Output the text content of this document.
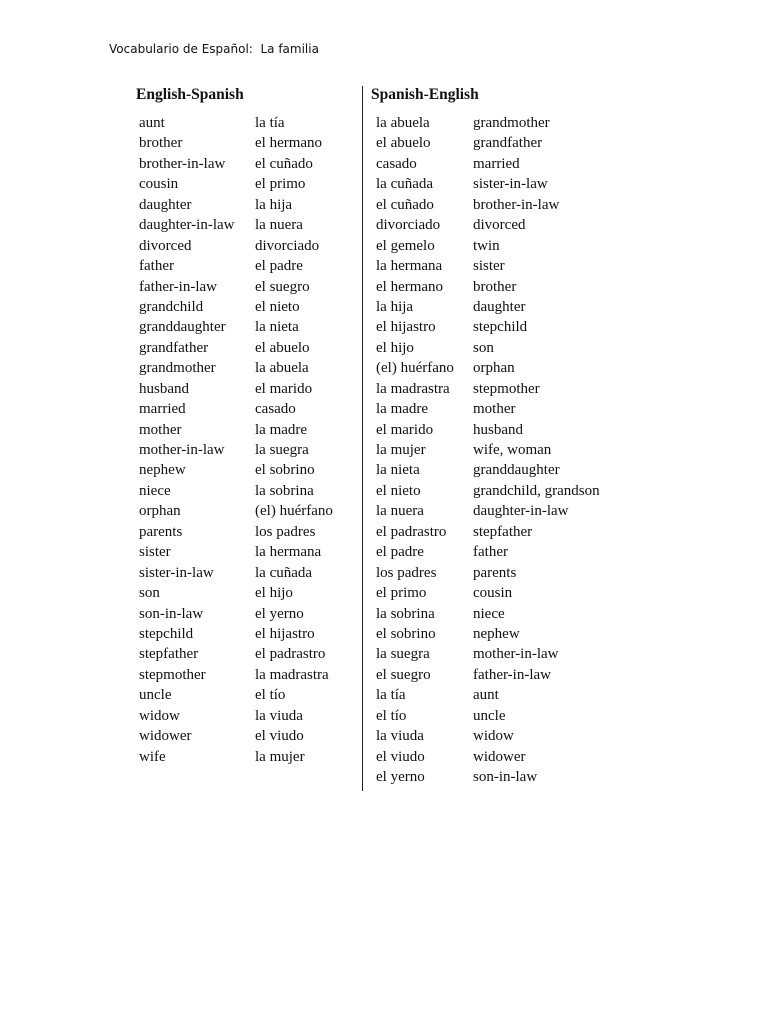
Vocabulario de Español:  La familia
English-Spanish	Spanish-English
aunt	la tía
brother	el hermano
brother-in-law el cuñado
cousin	el primo
daughter	la hija
daughter-in-law la nuera
divorced	divorciado
father	el padre
father-in-law	el suegro
grandchild	el nieto
granddaughter la nieta
grandfather	el abuelo
grandmother	la abuela
husband	el marido
married	casado
mother	la madre
mother-in-law la suegra
nephew	el sobrino
niece	la sobrina
orphan	(el) huérfano
parents	los padres
sister	la hermana
sister-in-law	la cuñada
son	el hijo
son-in-law	el yerno
stepchild	el hijastro
stepfather	el padrastro
stepmother	la madrastra
uncle	el tío
widow	la viuda
widower	el viudo
wife	la mujer
la abuela	grandmother
el abuelo	grandfather
casado	married
la cuñada	sister-in-law
el cuñado	brother-in-law
divorciado divorced
el gemelo	twin
la hermana sister
el hermano brother
la hija	daughter
el hijastro stepchild
el hijo	son
(el) huérfano orphan
la madrastra stepmother
la madre	mother
el marido	husband
la mujer	wife, woman
la nieta	granddaughter
el nieto	grandchild, grandson
la nuera	daughter-in-law
el padrastro stepfather
el padre	father
los padres parents
el primo	cousin
la sobrina	niece
el sobrino nephew
la suegra	mother-in-law
el suegro	father-in-law
la tía	aunt
el tío	uncle
la viuda	widow
el viudo	widower
el yerno	son-in-law
